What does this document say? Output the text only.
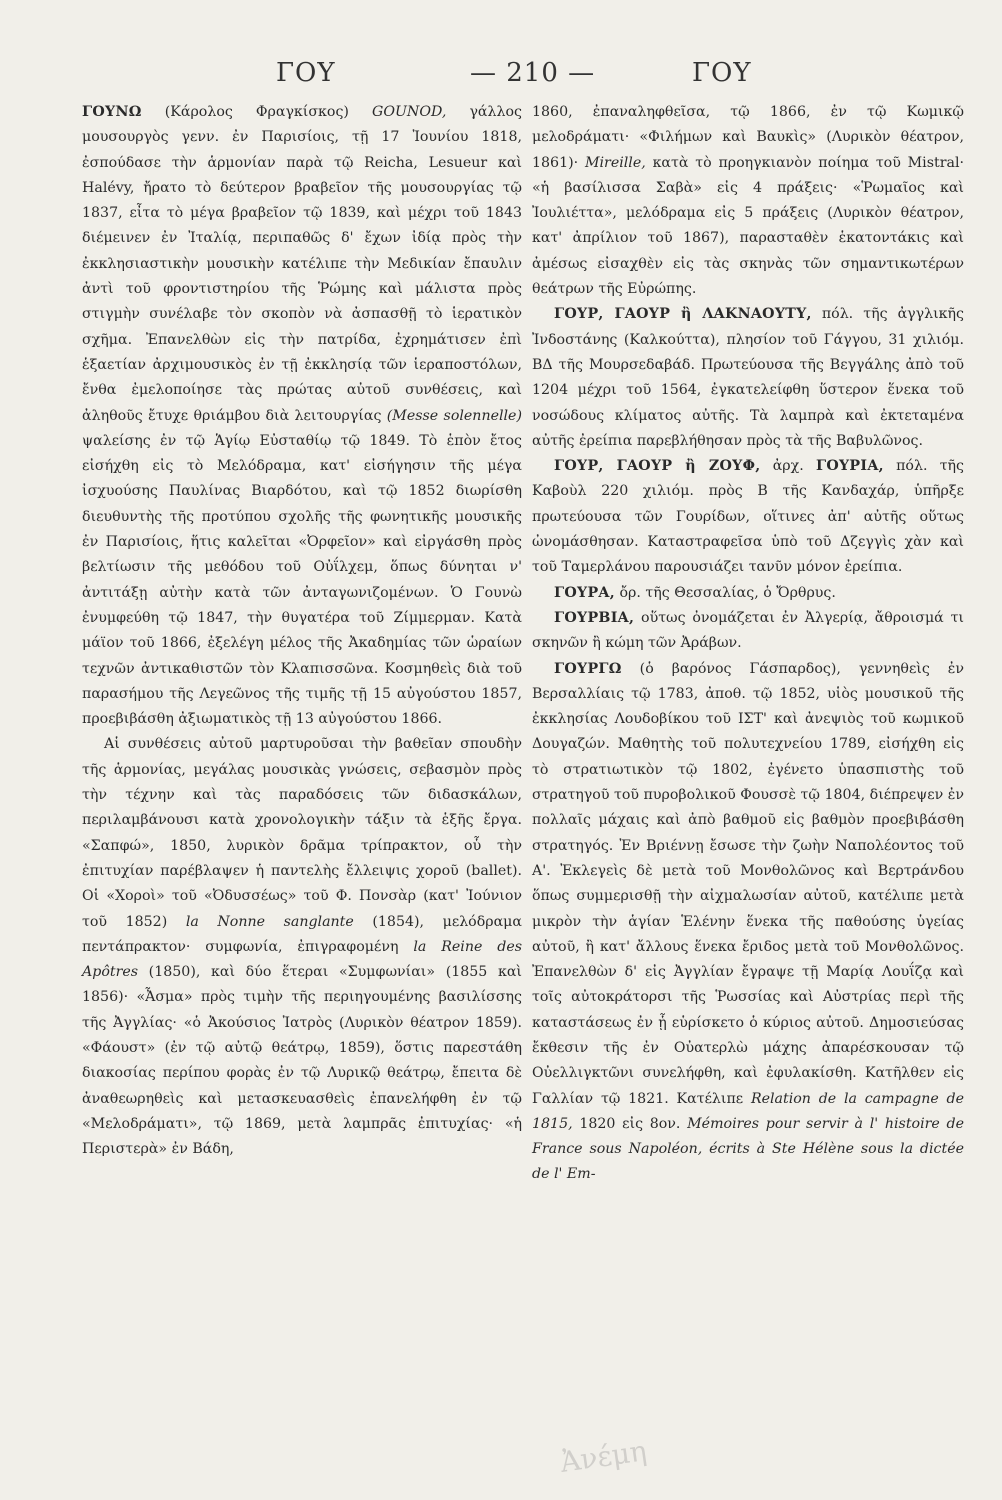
ΓΟΥ	— 210 —	ΓΟΥ

ΓΟΥΝΩ (Κάρολος Φραγκίσκος) GOUNOD, γάλλος μουσουργὸς γενν. ἐν Παρισίοις, τῇ 17 Ἰουνίου 1818, ἐσπούδασε τὴν ἁρμονίαν παρὰ τῷ Reicha, Lesueur καὶ Halévy, ἤρατο τὸ δεύτερον βραβεῖον τῆς μουσουργίας τῷ 1837, εἶτα τὸ μέγα βραβεῖον τῷ 1839, καὶ μέχρι τοῦ 1843 διέμεινεν ἐν Ἰταλίᾳ, περιπαθῶς δ' ἔχων ἰδίᾳ πρὸς τὴν ἐκκλησιαστικὴν μουσικὴν κατέλιπε τὴν Μεδικίαν ἔπαυλιν ἀντὶ τοῦ φροντιστηρίου τῆς Ῥώμης καὶ μάλιστα πρὸς στιγμὴν συνέλαβε τὸν σκοπὸν νὰ ἀσπασθῇ τὸ ἱερατικὸν σχῆμα. Ἐπανελθὼν εἰς τὴν πατρίδα, ἐχρημάτισεν ἐπὶ ἑξαετίαν ἀρχιμουσικὸς ἐν τῇ ἐκκλησίᾳ τῶν ἱεραποστόλων, ἔνθα ἐμελοποίησε τὰς πρώτας αὐτοῦ συνθέσεις, καὶ ἀληθοῦς ἔτυχε θριάμβου διὰ λειτουργίας (Messe solennelle) ψαλείσης ἐν τῷ Ἁγίῳ Εὐσταθίῳ τῷ 1849. Τὸ ἑπὸν ἔτος εἰσήχθη εἰς τὸ Μελόδραμα, κατ' εἰσήγησιν τῆς μέγα ἰσχυούσης Παυλίνας Βιαρδότου, καὶ τῷ 1852 διωρίσθη διευθυντὴς τῆς προτύπου σχολῆς τῆς φωνητικῆς μουσικῆς ἐν Παρισίοις, ἥτις καλεῖται «Ὀρφεῖον» καὶ εἰργάσθη πρὸς βελτίωσιν τῆς μεθόδου τοῦ Οὐΐλχεμ, ὅπως δύνηται ν' ἀντιτάξῃ αὐτὴν κατὰ τῶν ἀνταγωνιζομένων. Ὁ Γουνὼ ἐνυμφεύθη τῷ 1847, τὴν θυγατέρα τοῦ Ζίμμερμαν. Κατὰ μάϊον τοῦ 1866, ἐξελέγη μέλος τῆς Ἀκαδημίας τῶν ὡραίων τεχνῶν ἀντικαθιστῶν τὸν Κλαπισσῶνα. Κοσμηθεὶς διὰ τοῦ παρασήμου τῆς Λεγεῶνος τῆς τιμῆς τῇ 15 αὐγούστου 1857, προεβιβάσθη ἀξιωματικὸς τῇ 13 αὐγούστου 1866.

Αἱ συνθέσεις αὐτοῦ μαρτυροῦσαι τὴν βαθεῖαν σπουδὴν τῆς ἁρμονίας, μεγάλας μουσικὰς γνώσεις, σεβασμὸν πρὸς τὴν τέχνην καὶ τὰς παραδόσεις τῶν διδασκάλων, περιλαμβάνουσι κατὰ χρονολογικὴν τάξιν τὰ ἑξῆς ἔργα. «Σαπφώ», 1850, λυρικὸν δρᾶμα τρίπρακτον, οὗ τὴν ἐπιτυχίαν παρέβλαψεν ἡ παντελὴς ἔλλειψις χοροῦ (ballet). Οἱ «Χοροὶ» τοῦ «Ὀδυσσέως» τοῦ Φ. Πονσὰρ (κατ' Ἰούνιον τοῦ 1852) la Nonne sanglante (1854), μελόδραμα πεντάπρακτον· συμφωνία, ἐπιγραφομένη la Reine des Apôtres (1850), καὶ δύο ἕτεραι «Συμφωνίαι» (1855 καὶ 1856)· «Ἆσμα» πρὸς τιμὴν τῆς περιηγουμένης βασιλίσσης τῆς Ἀγγλίας· «ὁ Ἀκούσιος Ἰατρὸς (Λυρικὸν θέατρον 1859). «Φάουστ» (ἐν τῷ αὐτῷ θεάτρῳ, 1859), ὅστις παρεστάθη διακοσίας περίπου φορὰς ἐν τῷ Λυρικῷ θεάτρῳ, ἔπειτα δὲ ἀναθεωρηθεὶς καὶ μετασκευασθεὶς ἐπανελήφθη ἐν τῷ «Μελοδράματι», τῷ 1869, μετὰ λαμπρᾶς ἐπιτυχίας· «ἡ Περιστερὰ» ἐν Βάδη,

1860, ἐπαναληφθεῖσα, τῷ 1866, ἐν τῷ Κωμικῷ μελοδράματι· «Φιλήμων καὶ Βαυκὶς» (Λυρικὸν θέατρον, 1861)· Mireille, κατὰ τὸ προηγκιανὸν ποίημα τοῦ Mistral· «ἡ βασίλισσα Σαβὰ» εἰς 4 πράξεις· «Ῥωμαῖος καὶ Ἰουλιέττα», μελόδραμα εἰς 5 πράξεις (Λυρικὸν θέατρον, κατ' ἀπρίλιον τοῦ 1867), παρασταθὲν ἑκατοντάκις καὶ ἀμέσως εἰσαχθὲν εἰς τὰς σκηνὰς τῶν σημαντικωτέρων θεάτρων τῆς Εὐρώπης.

ΓΟΥΡ, ΓΑΟΥΡ ἢ ΛΑΚΝΑΟΥΤΥ, πόλ. τῆς ἀγγλικῆς Ἰνδοστάνης (Καλκούττα), πλησίον τοῦ Γάγγου, 31 χιλιόμ. ΒΔ τῆς Μουρσεδαβάδ. Πρωτεύουσα τῆς Βεγγάλης ἀπὸ τοῦ 1204 μέχρι τοῦ 1564, ἐγκατελείφθη ὕστερον ἕνεκα τοῦ νοσώδους κλίματος αὐτῆς. Τὰ λαμπρὰ καὶ ἐκτεταμένα αὐτῆς ἐρείπια παρεβλήθησαν πρὸς τὰ τῆς Βαβυλῶνος.

ΓΟΥΡ, ΓΑΟΥΡ ἢ ΖΟΥΦ, ἀρχ. ΓΟΥΡΙΑ, πόλ. τῆς Καβοὺλ 220 χιλιόμ. πρὸς Β τῆς Κανδαχάρ, ὑπῆρξε πρωτεύουσα τῶν Γουρίδων, οἵτινες ἀπ' αὐτῆς οὕτως ὠνομάσθησαν. Καταστραφεῖσα ὑπὸ τοῦ Δζεγγὶς χὰν καὶ τοῦ Ταμερλάνου παρουσιάζει τανῦν μόνον ἐρείπια.

ΓΟΥΡΑ, ὄρ. τῆς Θεσσαλίας, ὁ Ὄρθρυς.

ΓΟΥΡΒΙΑ, οὕτως ὀνομάζεται ἐν Ἀλγερίᾳ, ἄθροισμά τι σκηνῶν ἢ κώμη τῶν Ἀράβων.

ΓΟΥΡΓΩ (ὁ βαρόνος Γάσπαρδος), γεννηθεὶς ἐν Βερσαλλίαις τῷ 1783, ἀποθ. τῷ 1852, υἱὸς μουσικοῦ τῆς ἐκκλησίας Λουδοβίκου τοῦ ΙΣΤ' καὶ ἀνεψιὸς τοῦ κωμικοῦ Δουγαζών. Μαθητὴς τοῦ πολυτεχνείου 1789, εἰσήχθη εἰς τὸ στρατιωτικὸν τῷ 1802, ἐγένετο ὑπασπιστὴς τοῦ στρατηγοῦ τοῦ πυροβολικοῦ Φουσσὲ τῷ 1804, διέπρεψεν ἐν πολλαῖς μάχαις καὶ ἀπὸ βαθμοῦ εἰς βαθμὸν προεβιβάσθη στρατηγός. Ἐν Βριέννῃ ἔσωσε τὴν ζωὴν Ναπολέοντος τοῦ Α'. Ἐκλεγεὶς δὲ μετὰ τοῦ Μονθολῶνος καὶ Βερτράνδου ὅπως συμμερισθῇ τὴν αἰχμαλωσίαν αὐτοῦ, κατέλιπε μετὰ μικρὸν τὴν ἁγίαν Ἑλένην ἕνεκα τῆς παθούσης ὑγείας αὐτοῦ, ἢ κατ' ἄλλους ἕνεκα ἔριδος μετὰ τοῦ Μονθολῶνος. Ἐπανελθὼν δ' εἰς Ἀγγλίαν ἔγραψε τῇ Μαρίᾳ Λουΐζᾳ καὶ τοῖς αὐτοκράτορσι τῆς Ῥωσσίας καὶ Αὐστρίας περὶ τῆς καταστάσεως ἐν ᾗ εὑρίσκετο ὁ κύριος αὐτοῦ. Δημοσιεύσας ἔκθεσιν τῆς ἐν Οὐατερλὼ μάχης ἀπαρέσκουσαν τῷ Οὐελλιγκτῶνι συνελήφθη, καὶ ἐφυλακίσθη. Κατῆλθεν εἰς Γαλλίαν τῷ 1821. Κατέλιπε Relation de la campagne de 1815, 1820 εἰς 8ον. Mémoires pour servir à l' histoire de France sous Napoléon, écrits à Ste Hélène sous la dictée de l' Em-

Ἀνέμη
